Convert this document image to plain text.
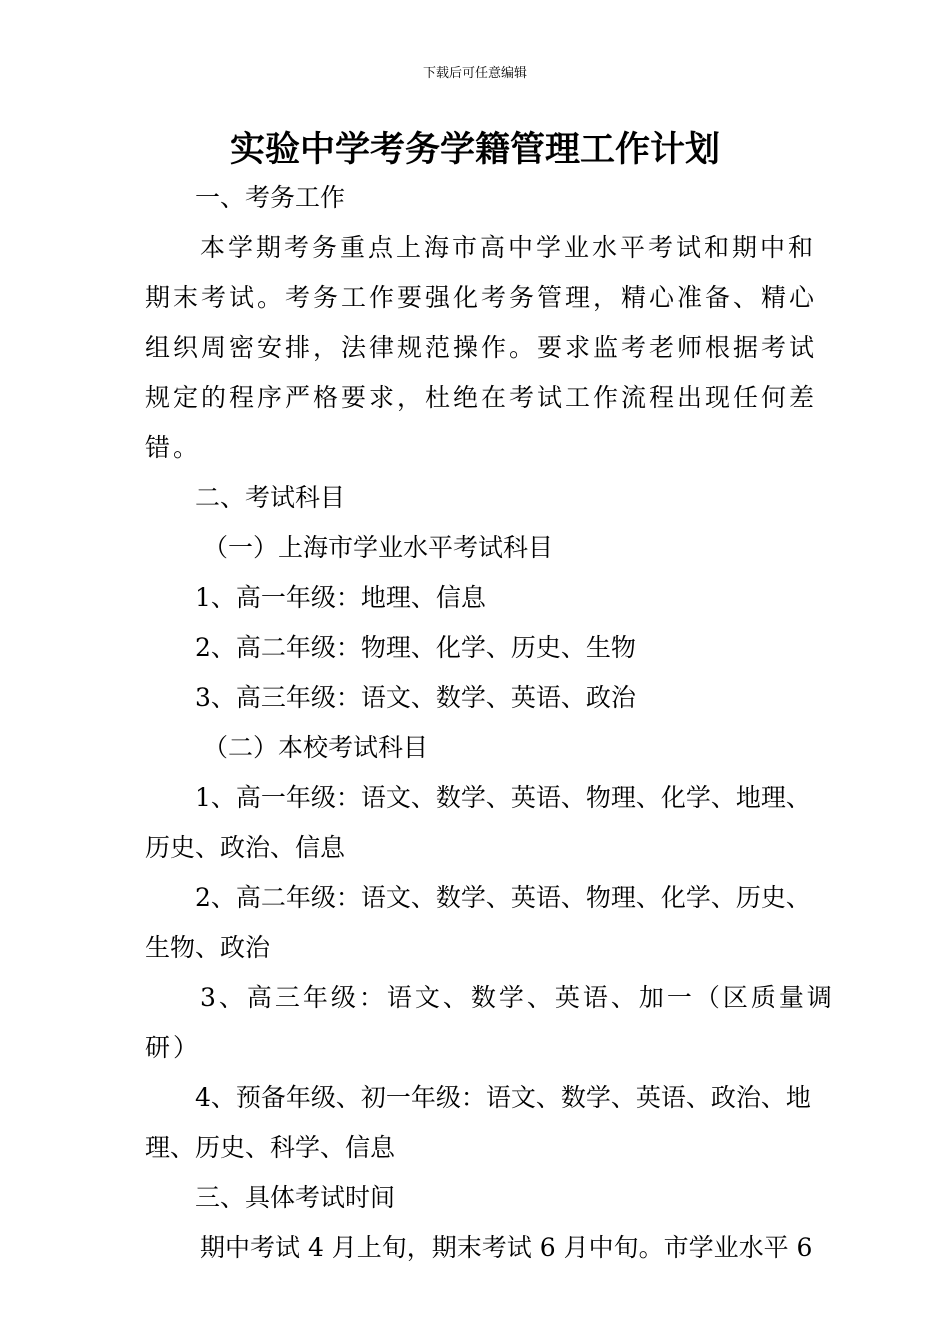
下载后可任意编辑
实验中学考务学籍管理工作计划

一、考务工作

本学期考务重点上海市高中学业水平考试和期中和期末考试。考务工作要强化考务管理，精心准备、精心组织周密安排，法律规范操作。要求监考老师根据考试规定的程序严格要求，杜绝在考试工作流程出现任何差错。

二、考试科目

（一）上海市学业水平考试科目

1、高一年级：地理、信息

2、高二年级：物理、化学、历史、生物

3、高三年级：语文、数学、英语、政治

（二）本校考试科目

1、高一年级：语文、数学、英语、物理、化学、地理、历史、政治、信息

2、高二年级：语文、数学、英语、物理、化学、历史、生物、政治

3、高三年级：语文、数学、英语、加一（区质量调研）

4、预备年级、初一年级：语文、数学、英语、政治、地理、历史、科学、信息

三、具体考试时间

期中考试 4 月上旬，期末考试 6 月中旬。市学业水平 6
